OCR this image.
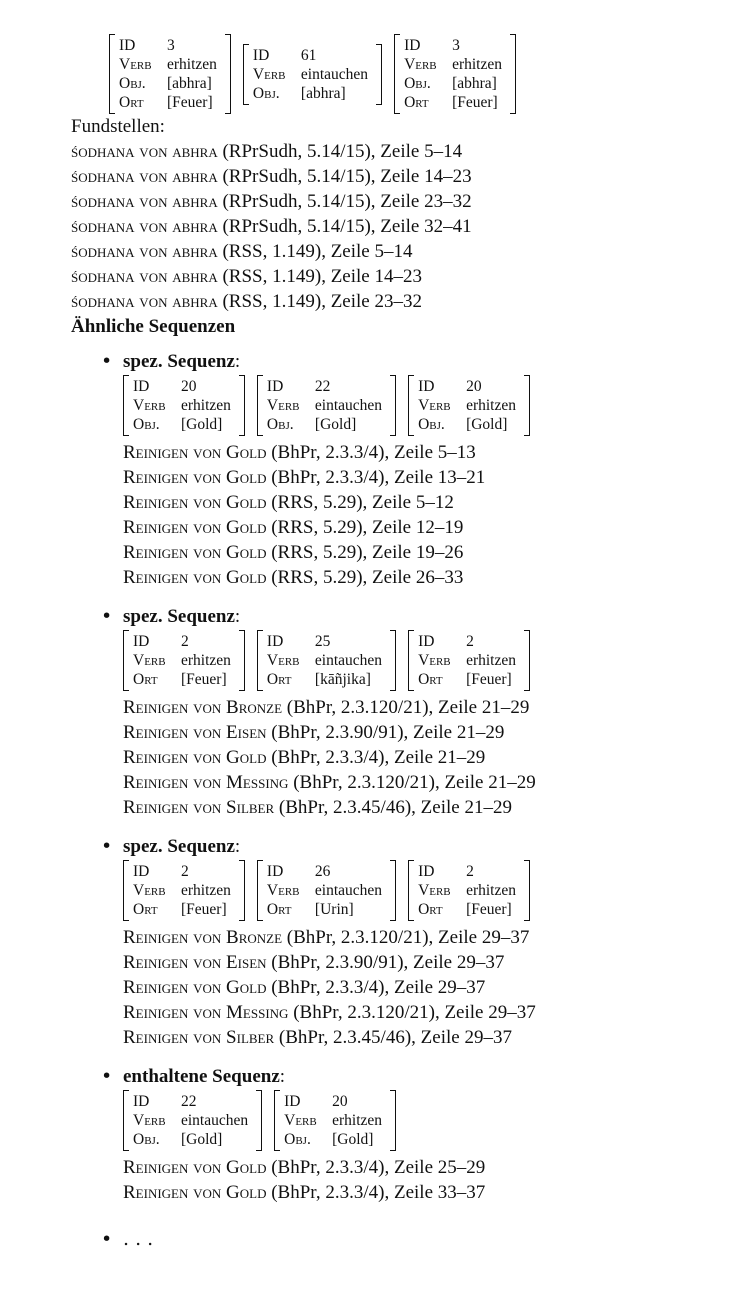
ID	3
Verb	erhitzen
Obj.	[abhra]
Ort	[Feuer]
ID	61
Verb	eintauchen
Obj.	[abhra]
ID	3
Verb	erhitzen
Obj.	[abhra]
Ort	[Feuer]
Fundstellen:
śodhana von abhra (RPrSudh, 5.14/15), Zeile 5–14
śodhana von abhra (RPrSudh, 5.14/15), Zeile 14–23
śodhana von abhra (RPrSudh, 5.14/15), Zeile 23–32
śodhana von abhra (RPrSudh, 5.14/15), Zeile 32–41
śodhana von abhra (RSS, 1.149), Zeile 5–14
śodhana von abhra (RSS, 1.149), Zeile 14–23
śodhana von abhra (RSS, 1.149), Zeile 23–32
Ähnliche Sequenzen
• spez. Sequenz:
ID	20
Verb	erhitzen
Obj.	[Gold]
ID	22
Verb	eintauchen
Obj.	[Gold]
ID	20
Verb	erhitzen
Obj.	[Gold]
Reinigen von Gold (BhPr, 2.3.3/4), Zeile 5–13
Reinigen von Gold (BhPr, 2.3.3/4), Zeile 13–21
Reinigen von Gold (RRS, 5.29), Zeile 5–12
Reinigen von Gold (RRS, 5.29), Zeile 12–19
Reinigen von Gold (RRS, 5.29), Zeile 19–26
Reinigen von Gold (RRS, 5.29), Zeile 26–33
• spez. Sequenz:
ID	2
Verb	erhitzen
Ort	[Feuer]
ID	25
Verb	eintauchen
Ort	[kāñjika]
ID	2
Verb	erhitzen
Ort	[Feuer]
Reinigen von Bronze (BhPr, 2.3.120/21), Zeile 21–29
Reinigen von Eisen (BhPr, 2.3.90/91), Zeile 21–29
Reinigen von Gold (BhPr, 2.3.3/4), Zeile 21–29
Reinigen von Messing (BhPr, 2.3.120/21), Zeile 21–29
Reinigen von Silber (BhPr, 2.3.45/46), Zeile 21–29
• spez. Sequenz:
ID	2
Verb	erhitzen
Ort	[Feuer]
ID	26
Verb	eintauchen
Ort	[Urin]
ID	2
Verb	erhitzen
Ort	[Feuer]
Reinigen von Bronze (BhPr, 2.3.120/21), Zeile 29–37
Reinigen von Eisen (BhPr, 2.3.90/91), Zeile 29–37
Reinigen von Gold (BhPr, 2.3.3/4), Zeile 29–37
Reinigen von Messing (BhPr, 2.3.120/21), Zeile 29–37
Reinigen von Silber (BhPr, 2.3.45/46), Zeile 29–37
• enthaltene Sequenz:
ID	22
Verb	eintauchen
Obj.	[Gold]
ID	20
Verb	erhitzen
Obj.	[Gold]
Reinigen von Gold (BhPr, 2.3.3/4), Zeile 25–29
Reinigen von Gold (BhPr, 2.3.3/4), Zeile 33–37
• . . .
